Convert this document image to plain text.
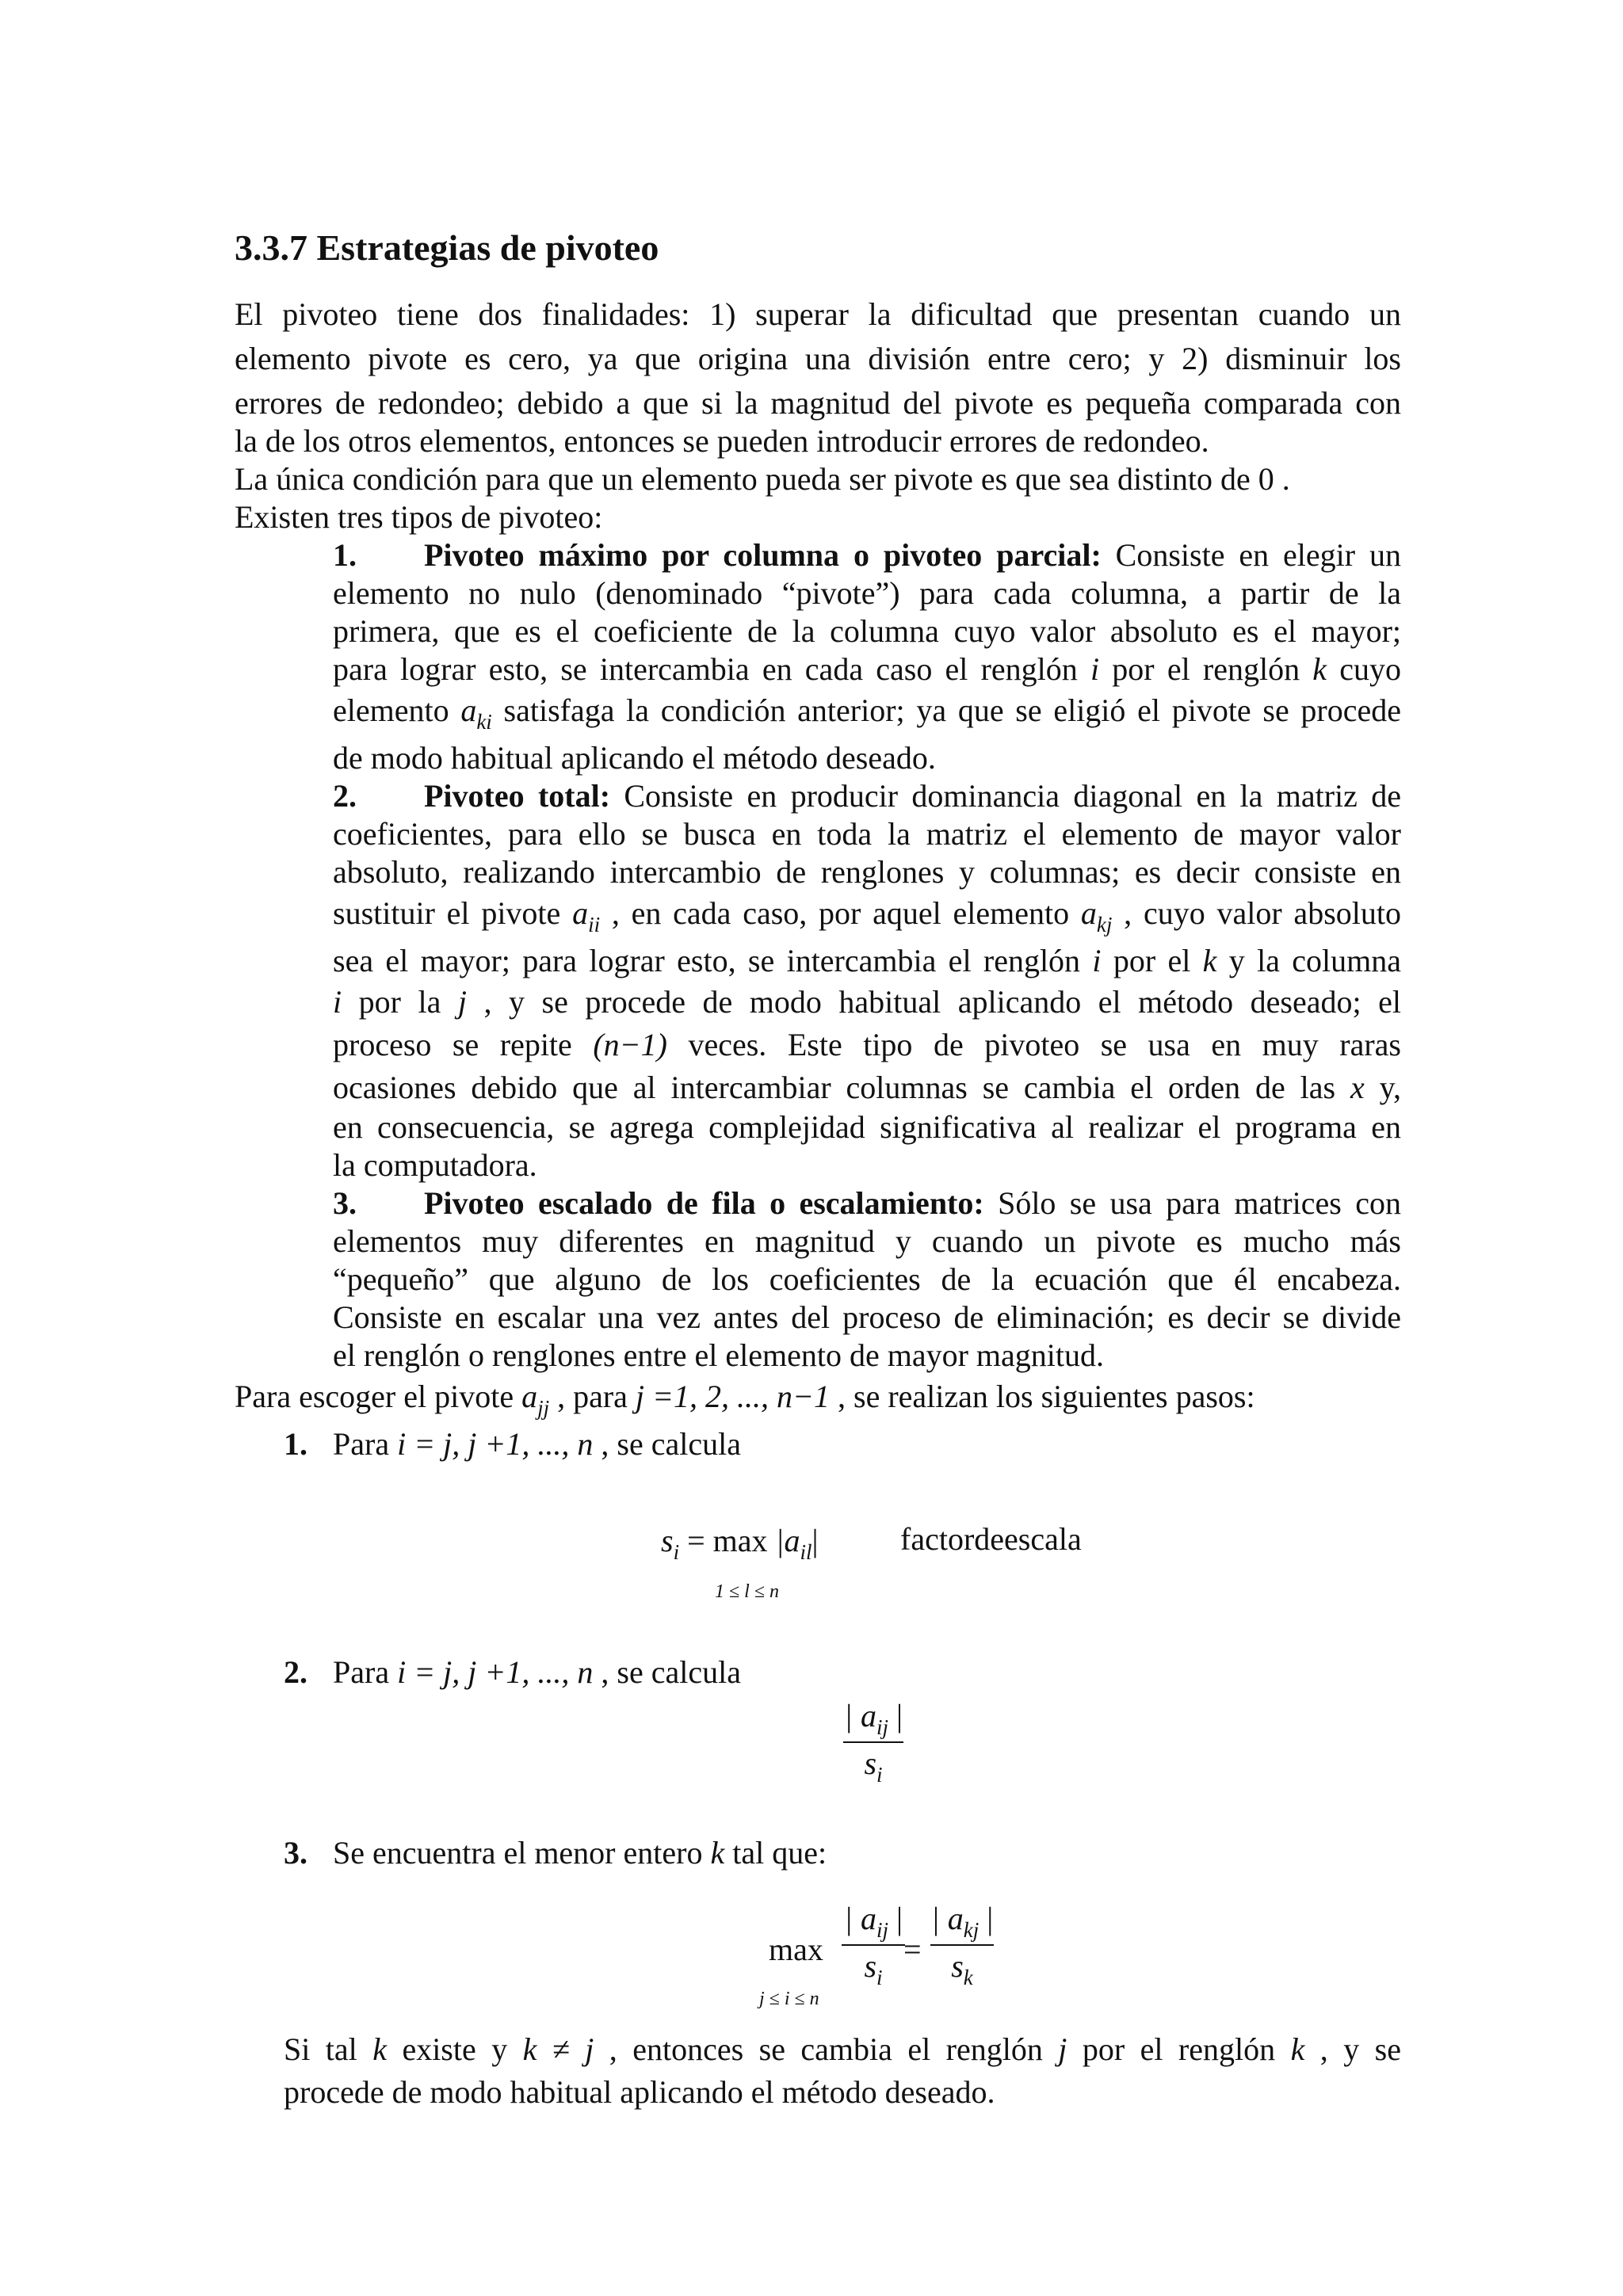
3.3.7 Estrategias de pivoteo
El pivoteo tiene dos finalidades: 1) superar la dificultad que presentan cuando un
elemento pivote es cero, ya que origina una división entre cero; y 2) disminuir los
errores de redondeo; debido a que si la magnitud del pivote es pequeña comparada con
la de los otros elementos, entonces se pueden introducir errores de redondeo.
La única condición para que un elemento pueda ser pivote es que sea distinto de 0 .
Existen tres tipos de pivoteo:
1. Pivoteo máximo por columna o pivoteo parcial: Consiste en elegir un
elemento no nulo (denominado “pivote”) para cada columna, a partir de la
primera, que es el coeficiente de la columna cuyo valor absoluto es el mayor;
para lograr esto, se intercambia en cada caso el renglón i por el renglón k cuyo
elemento $a_{ki}$ satisfaga la condición anterior; ya que se eligió el pivote se procede
de modo habitual aplicando el método deseado.
2. Pivoteo total: Consiste en producir dominancia diagonal en la matriz de
coeficientes, para ello se busca en toda la matriz el elemento de mayor valor
absoluto, realizando intercambio de renglones y columnas; es decir consiste en
sustituir el pivote $a_{ii}$ , en cada caso, por aquel elemento $a_{kj}$ , cuyo valor absoluto
sea el mayor; para lograr esto, se intercambia el renglón i por el k y la columna
i por la j , y se procede de modo habitual aplicando el método deseado; el
proceso se repite (n−1) veces. Este tipo de pivoteo se usa en muy raras
ocasiones debido que al intercambiar columnas se cambia el orden de las x y,
en consecuencia, se agrega complejidad significativa al realizar el programa en
la computadora.
3. Pivoteo escalado de fila o escalamiento: Sólo se usa para matrices con
elementos muy diferentes en magnitud y cuando un pivote es mucho más
“pequeño” que alguno de los coeficientes de la ecuación que él encabeza.
Consiste en escalar una vez antes del proceso de eliminación; es decir se divide
el renglón o renglones entre el elemento de mayor magnitud.
Para escoger el pivote $a_{jj}$ , para j =1, 2, ..., n−1 , se realizan los siguientes pasos:
1. Para i = j, j +1, ..., n , se calcula
$s_i = \max |a_{il}|$
1 ≤ l ≤ n
factordeescala
2. Para i = j, j +1, ..., n , se calcula
| $a_{ij}$ |
$s_i$
3. Se encuentra el menor entero k tal que:
max
j ≤ i ≤ n
| $a_{ij}$ |
$s_i$
=
| $a_{kj}$ |
$s_k$
Si tal k existe y k ≠ j , entonces se cambia el renglón j por el renglón k , y se
procede de modo habitual aplicando el método deseado.
